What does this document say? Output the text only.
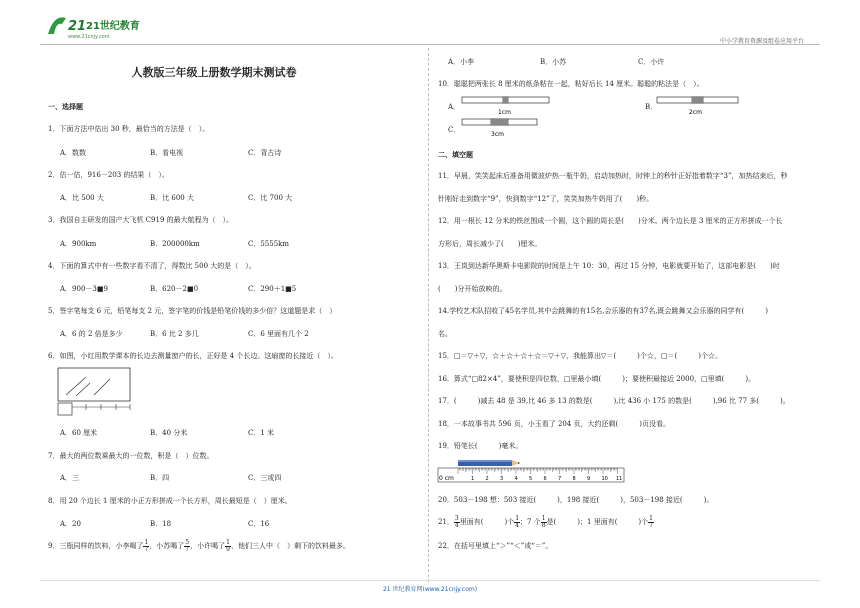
21 21世纪教育
www.21cnjy.com
中小学教育资源及组卷应用平台
人教版三年级上册数学期末测试卷
一、选择题
1．下面方法中估出 30 秒，最恰当的方法是（　）。
A．数数	B．看电视	C．背古诗
2．估一估，916－203 的结果（　）。
A．比 500 大	B．比 600 大	C．比 700 大
3．我国自主研发的国产大飞机 C919 的最大航程为（　）。
A．900km	B．200000km	C．5555km
4．下面的算式中有一些数字看不清了，得数比 500 大的是（　）。
A．900－3■9	B．620－2■0	C．290＋1■5
5．签字笔每支 6 元，铅笔每支 2 元，签字笔的价钱是铅笔价钱的多少倍？这道题是求（　）
A．6 的 2 倍是多少	B．6 比 2 多几	C．6 里面有几个 2
6．如图，小红用数学课本的长边去测量窗户的长，正好是 4 个长边。这扇窗的长接近（　）。
A．60 厘米	B．40 分米	C．1 米
7．最大的两位数乘最大的一位数，积是（　）位数。
A．三	B．四	C．三或四
8．用 20 个边长 1 厘米的小正方形拼成一个长方形，周长最短是（　）厘米。
A．20	B．18	C．16
9．三瓶同样的饮料，小李喝了 $\frac{1}{7}$ ，小苏喝了 $\frac{5}{7}$ ，小许喝了 $\frac{1}{9}$ ，他们三人中（　）剩下的饮料最多。
A．小李	B．小苏	C．小许
10．聪聪把两张长 8 厘米的纸条粘在一起，粘好后长 14 厘米。聪聪的粘法是（　）。
A．
1cm
B．
2cm
C．
3cm
二、填空题
11．早晨，笑笑起床后准备用微波炉热一瓶牛奶，启动加热时，时钟上的秒针正好指着数字“3”，加热结束后，秒
针刚好走到数字“9”，快到数字“12”了，笑笑加热牛奶用了(　　)秒。
12．用一根长 12 分米的铁丝围成一个圆，这个圆的周长是(　　)分米。两个边长是 3 厘米的正方形拼成一个长
方形后，周长减少了(　　)厘米。
13．王岚到达新华奥斯卡电影院的时间是上午 10：30，再过 15 分钟，电影就要开始了，这部电影是(　　)时
(　　)分开始放映的。
14.学校艺术队招收了45名学员,其中会跳舞的有15名,会乐器的有37名,既会跳舞又会乐器的同学有(　　　)
名。
15．□＝▽＋▽，☆＋☆＋☆＋☆＝▽＋▽，我能算出▽＝(　　　)个☆，□＝(　　　)个☆。
16．算式“□82×4”，要使积是四位数，□里最小填(　　　)；要使积最接近 2000，□里填(　　　)。
17．(　　　)减去 48 是 39,比 46 多 13 的数是(　　　),比 436 小 175 的数是(　　　),96 比 77 多(　　　)。
18．一本故事书共 596 页，小玉看了 204 页，大约还剩(　　　)页没看。
19．铅笔长(　　　)毫米。
0 cm	1 2 3 4 5 6 7 8 9 10 11
20．503－198 想：503 接近(　　　)，198 接近(　　　)，503－198 接近(　　　)。
21． $\frac{3}{4}$ 里面有(　　　)个 $\frac{1}{4}$ ；7 个 $\frac{1}{8}$ 是(　　　)；1 里面有(　　　)个 $\frac{1}{7}$
22．在括号里填上“＞”“＜”或“＝”。
21 世纪教育网(www.21cnjy.com)
